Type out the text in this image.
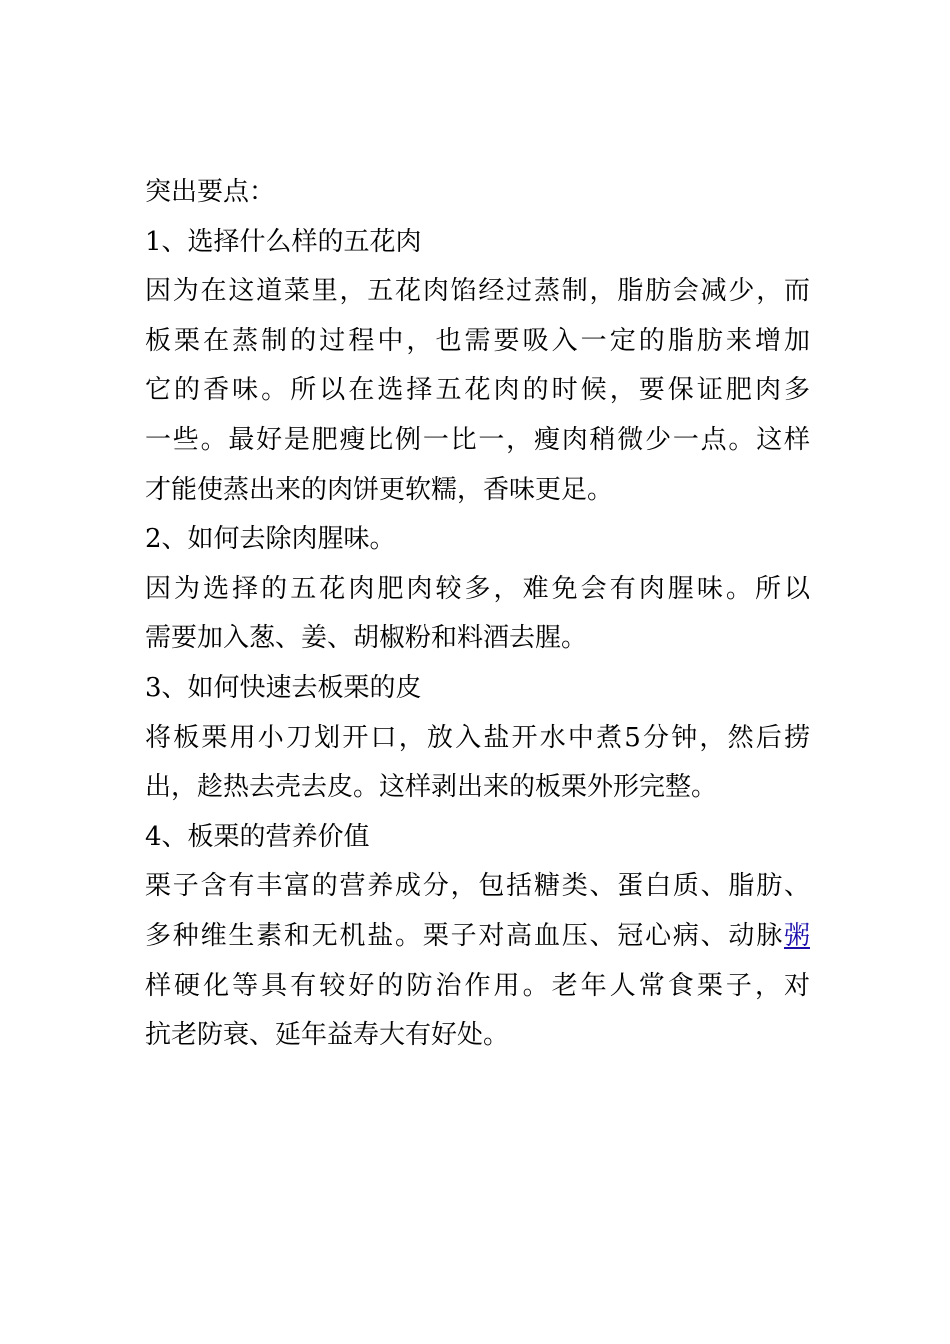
突出要点：
1、选择什么样的五花肉
因为在这道菜里，五花肉馅经过蒸制，脂肪会减少，而
板栗在蒸制的过程中，也需要吸入一定的脂肪来增加
它的香味。所以在选择五花肉的时候，要保证肥肉多
一些。最好是肥瘦比例一比一，瘦肉稍微少一点。这样
才能使蒸出来的肉饼更软糯，香味更足。
2、如何去除肉腥味。
因为选择的五花肉肥肉较多，难免会有肉腥味。所以
需要加入葱、姜、胡椒粉和料酒去腥。
3、如何快速去板栗的皮
将板栗用小刀划开口，放入盐开水中煮5分钟，然后捞
出，趁热去壳去皮。这样剥出来的板栗外形完整。
4、板栗的营养价值
栗子含有丰富的营养成分，包括糖类、蛋白质、脂肪、
多种维生素和无机盐。栗子对高血压、冠心病、动脉粥
样硬化等具有较好的防治作用。老年人常食栗子，对
抗老防衰、延年益寿大有好处。
